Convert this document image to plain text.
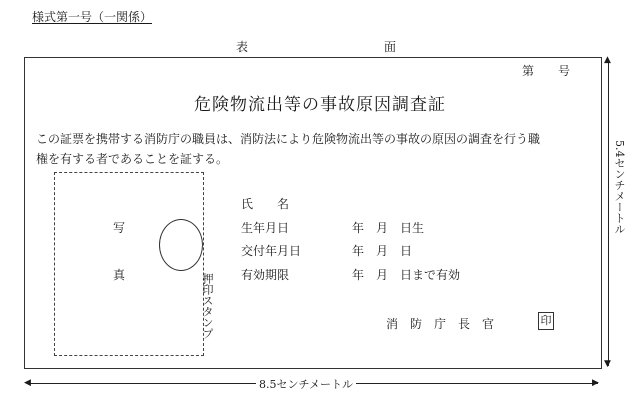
様式第一号（一関係）
表	面
第　　号
危険物流出等の事故原因調査証
この証票を携帯する消防庁の職員は、消防法により危険物流出等の事故の原因の調査を行う職
権を有する者であることを証する。
写
真	押印スタンプ
氏　　名
生年月日	年　月　日生
交付年月日	年　月　日
有効期限	年　月　日まで有効
消　防　庁　長　官	印
▲
▼
5.4センチメートル
◀	▶
8.5センチメートル
